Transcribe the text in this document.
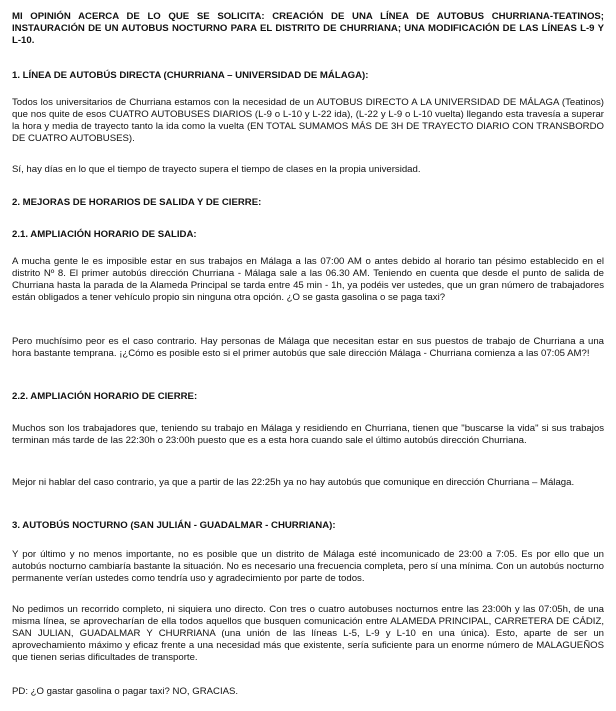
MI OPINIÓN ACERCA DE LO QUE SE SOLICITA: CREACIÓN DE UNA LÍNEA DE AUTOBUS CHURRIANA-TEATINOS; INSTAURACIÓN DE UN AUTOBUS NOCTURNO PARA EL DISTRITO DE CHURRIANA; UNA MODIFICACIÓN DE LAS LÍNEAS L-9 Y L-10.

1. LÍNEA DE AUTOBÚS DIRECTA (CHURRIANA – UNIVERSIDAD DE MÁLAGA):

Todos los universitarios de Churriana estamos con la necesidad de un AUTOBUS DIRECTO A LA UNIVERSIDAD DE MÁLAGA (Teatinos) que nos quite de esos CUATRO AUTOBUSES DIARIOS (L-9 o L-10 y L-22 ida), (L-22 y L-9 o L-10 vuelta) llegando esta travesía a superar la hora y media de trayecto tanto la ida como la vuelta (EN TOTAL SUMAMOS MÁS DE 3H DE TRAYECTO DIARIO CON TRANSBORDO DE CUATRO AUTOBUSES).

Sí, hay días en lo que el tiempo de trayecto supera el tiempo de clases en la propia universidad.

2. MEJORAS DE HORARIOS DE SALIDA Y DE CIERRE:

2.1. AMPLIACIÓN HORARIO DE SALIDA:

A mucha gente le es imposible estar en sus trabajos en Málaga a las 07:00 AM o antes debido al horario tan pésimo establecido en el distrito Nº 8. El primer autobús dirección Churriana - Málaga sale a las 06.30 AM. Teniendo en cuenta que desde el punto de salida de Churriana hasta la parada de la Alameda Principal se tarda entre 45 min - 1h, ya podéis ver ustedes, que un gran número de trabajadores están obligados a tener vehículo propio sin ninguna otra opción. ¿O se gasta gasolina o se paga taxi?

Pero muchísimo peor es el caso contrario. Hay personas de Málaga que necesitan estar en sus puestos de trabajo de Churriana a una hora bastante temprana. ¡¿Cómo es posible esto si el primer autobús que sale dirección Málaga - Churriana comienza a las 07:05 AM?!

2.2. AMPLIACIÓN HORARIO DE CIERRE:

Muchos son los trabajadores que, teniendo su trabajo en Málaga y residiendo en Churriana, tienen que "buscarse la vida" si sus trabajos terminan más tarde de las 22:30h o 23:00h puesto que es a esta hora cuando sale el último autobús dirección Churriana.

Mejor ni hablar del caso contrario, ya que a partir de las 22:25h ya no hay autobús que comunique en dirección Churriana – Málaga.

3. AUTOBÚS NOCTURNO (SAN JULIÁN - GUADALMAR - CHURRIANA):

Y por último y no menos importante, no es posible que un distrito de Málaga esté incomunicado de 23:00 a 7:05. Es por ello que un autobús nocturno cambiaría bastante la situación. No es necesario una frecuencia completa, pero sí una mínima. Con un autobús nocturno permanente verían ustedes como tendría uso y agradecimiento por parte de todos.

No pedimos un recorrido completo, ni siquiera uno directo. Con tres o cuatro autobuses nocturnos entre las 23:00h y las 07:05h, de una misma línea, se aprovecharían de ella todos aquellos que busquen comunicación entre ALAMEDA PRINCIPAL, CARRETERA DE CÁDIZ, SAN JULIAN, GUADALMAR Y CHURRIANA (una unión de las líneas L-5, L-9 y L-10 en una única). Esto, aparte de ser un aprovechamiento máximo y eficaz frente a una necesidad más que existente, sería suficiente para un enorme número de MALAGUEÑOS que tienen serias dificultades de transporte.

PD: ¿O gastar gasolina o pagar taxi? NO, GRACIAS.
